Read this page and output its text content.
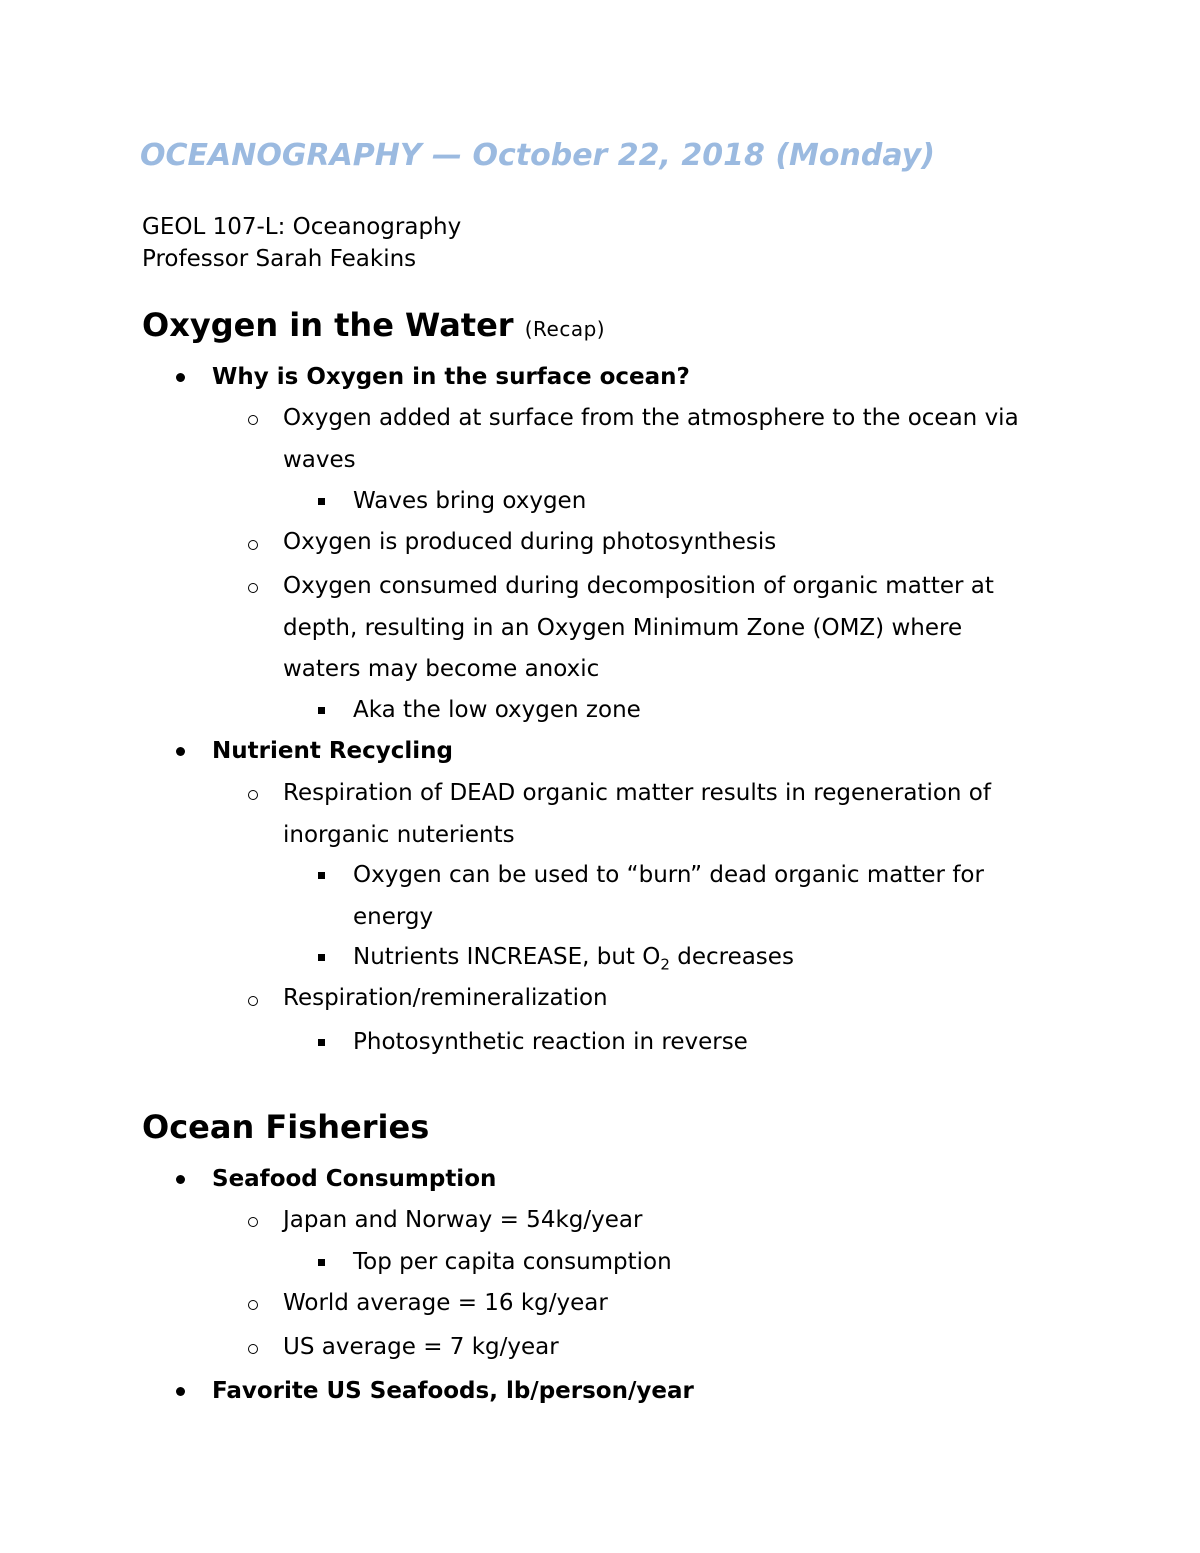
OCEANOGRAPHY — October 22, 2018 (Monday)
GEOL 107-L: Oceanography
Professor Sarah Feakins
Oxygen in the Water (Recap)
Why is Oxygen in the surface ocean?
Oxygen added at surface from the atmosphere to the ocean via
waves
Waves bring oxygen
Oxygen is produced during photosynthesis
Oxygen consumed during decomposition of organic matter at
depth, resulting in an Oxygen Minimum Zone (OMZ) where
waters may become anoxic
Aka the low oxygen zone
Nutrient Recycling
Respiration of DEAD organic matter results in regeneration of
inorganic nuterients
Oxygen can be used to “burn” dead organic matter for
energy
Nutrients INCREASE, but $O_2$ decreases
Respiration/remineralization
Photosynthetic reaction in reverse
Ocean Fisheries
Seafood Consumption
Japan and Norway = 54kg/year
Top per capita consumption
World average = 16 kg/year
US average = 7 kg/year
Favorite US Seafoods, lb/person/year
